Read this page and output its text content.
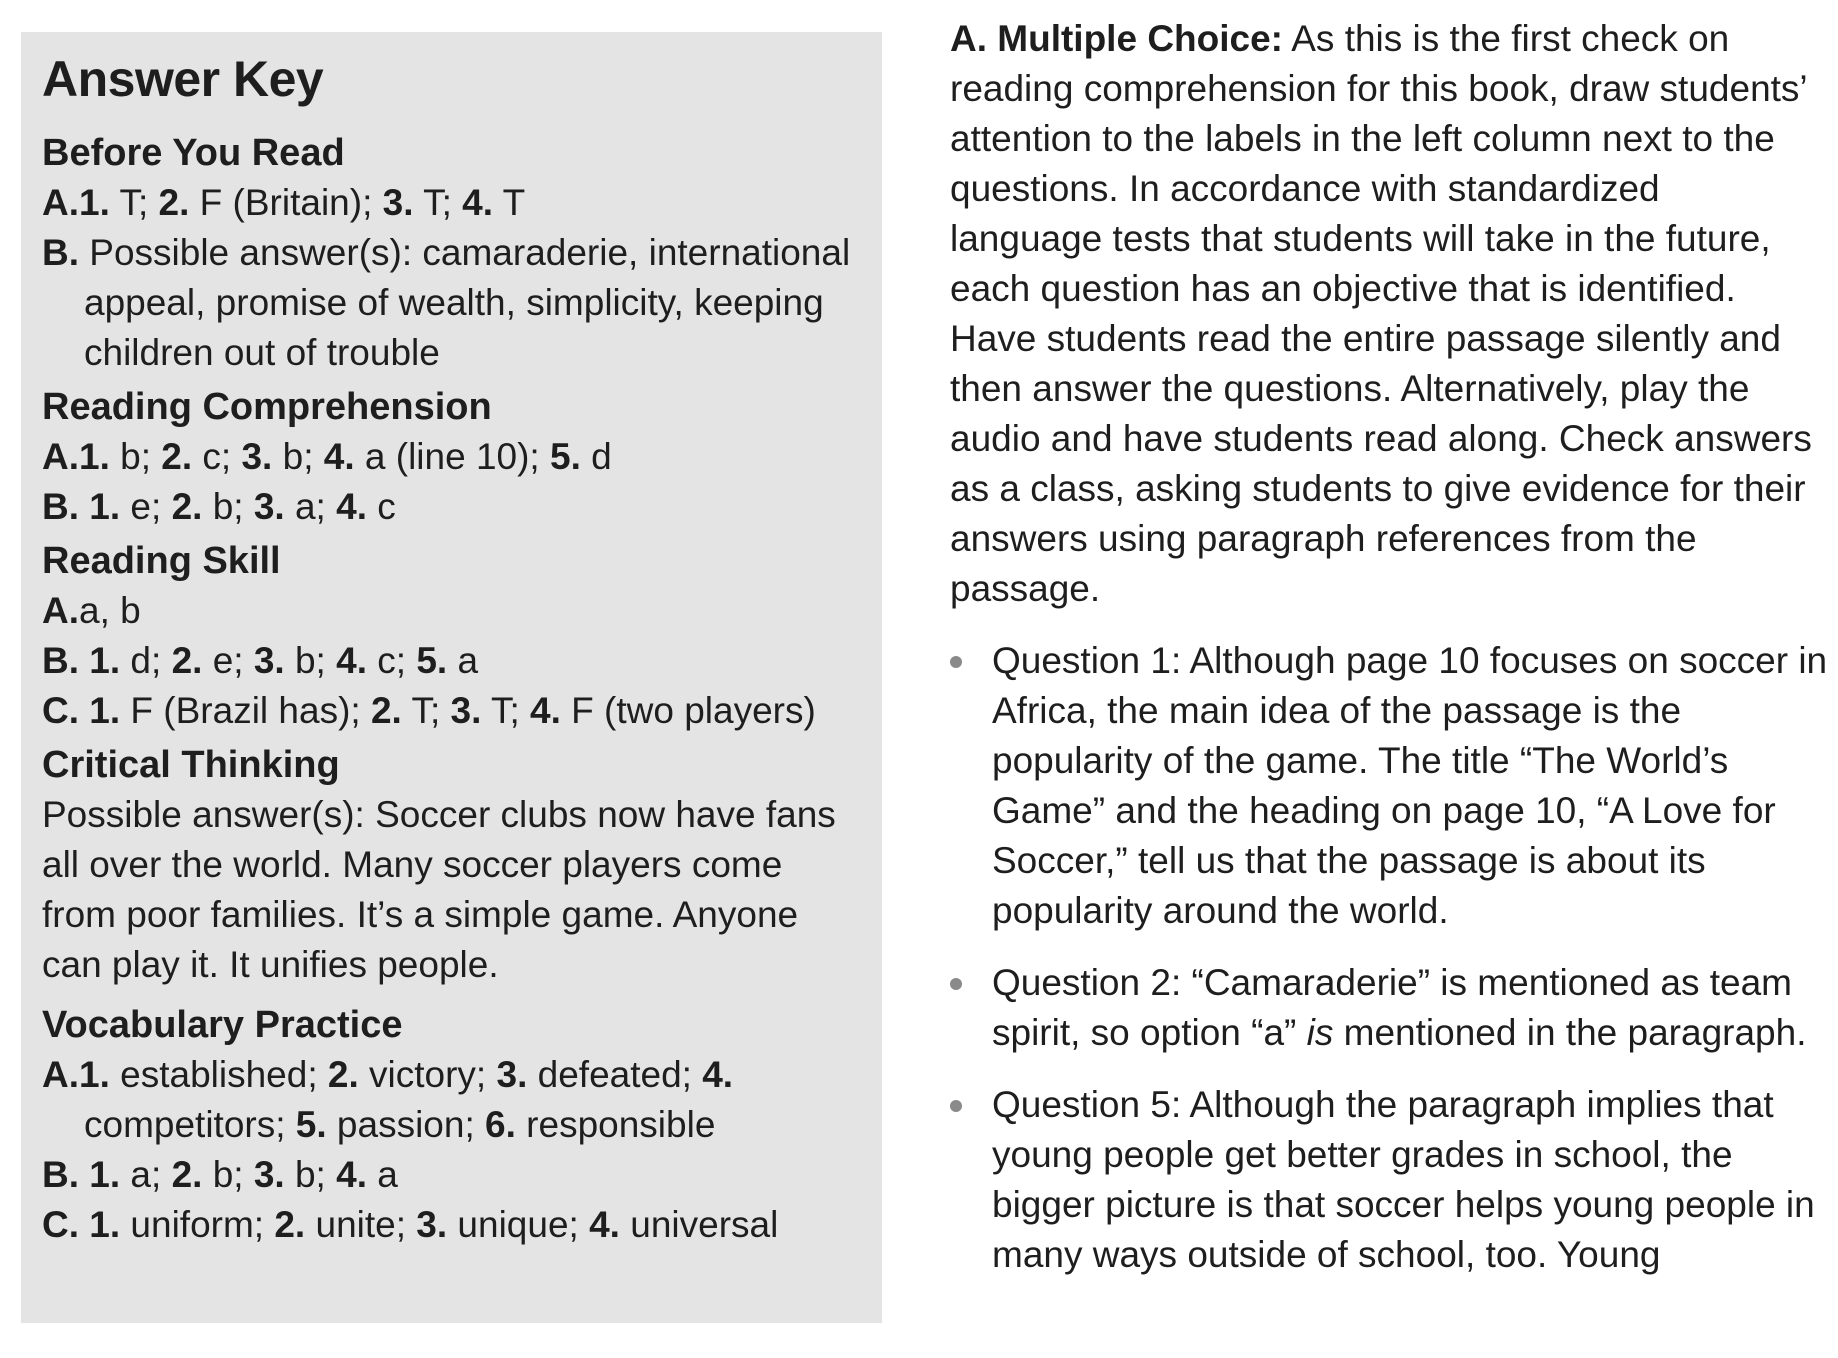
Answer Key
Before You Read
A.1. T; 2. F (Britain); 3. T; 4. T
B. Possible answer(s): camaraderie, international appeal, promise of wealth, simplicity, keeping children out of trouble
Reading Comprehension
A.1. b; 2. c; 3. b; 4. a (line 10); 5. d
B. 1. e; 2. b; 3. a; 4. c
Reading Skill
A.a, b
B. 1. d; 2. e; 3. b; 4. c; 5. a
C. 1. F (Brazil has); 2. T; 3. T; 4. F (two players)
Critical Thinking
Possible answer(s): Soccer clubs now have fans all over the world. Many soccer players come from poor families. It’s a simple game. Anyone can play it. It unifies people.
Vocabulary Practice
A.1. established; 2. victory; 3. defeated; 4. competitors; 5. passion; 6. responsible
B. 1. a; 2. b; 3. b; 4. a
C. 1. uniform; 2. unite; 3. unique; 4. universal

A. Multiple Choice: As this is the first check on reading comprehension for this book, draw students’ attention to the labels in the left column next to the questions. In accordance with standardized language tests that students will take in the future, each question has an objective that is identified. Have students read the entire passage silently and then answer the questions. Alternatively, play the audio and have students read along. Check answers as a class, asking students to give evidence for their answers using paragraph references from the passage.

Question 1: Although page 10 focuses on soccer in Africa, the main idea of the passage is the popularity of the game. The title “The World’s Game” and the heading on page 10, “A Love for Soccer,” tell us that the passage is about its popularity around the world.
Question 2: “Camaraderie” is mentioned as team spirit, so option “a” is mentioned in the paragraph.
Question 5: Although the paragraph implies that young people get better grades in school, the bigger picture is that soccer helps young people in many ways outside of school, too. Young
